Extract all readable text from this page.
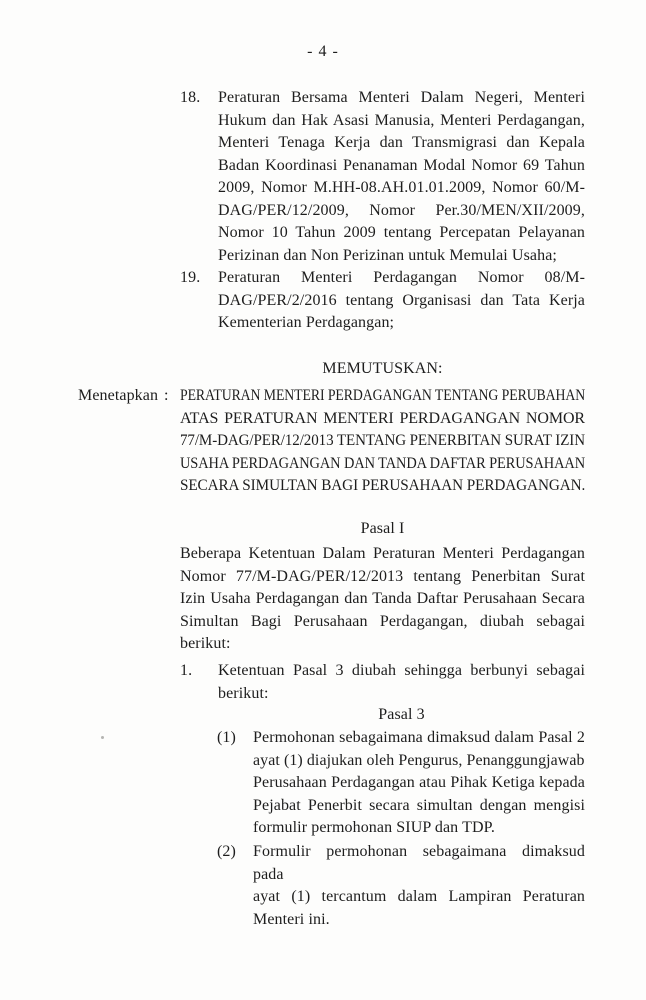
- 4 -
18. Peraturan Bersama Menteri Dalam Negeri, Menteri
Hukum dan Hak Asasi Manusia, Menteri Perdagangan,
Menteri Tenaga Kerja dan Transmigrasi dan Kepala
Badan Koordinasi Penanaman Modal Nomor 69 Tahun
2009, Nomor M.HH-08.AH.01.01.2009, Nomor 60/M-
DAG/PER/12/2009, Nomor Per.30/MEN/XII/2009,
Nomor 10 Tahun 2009 tentang Percepatan Pelayanan
Perizinan dan Non Perizinan untuk Memulai Usaha;
19. Peraturan Menteri Perdagangan Nomor 08/M-
DAG/PER/2/2016 tentang Organisasi dan Tata Kerja
Kementerian Perdagangan;
MEMUTUSKAN:
Menetapkan : PERATURAN MENTERI PERDAGANGAN TENTANG PERUBAHAN
ATAS PERATURAN MENTERI PERDAGANGAN NOMOR
77/M-DAG/PER/12/2013 TENTANG PENERBITAN SURAT IZIN
USAHA PERDAGANGAN DAN TANDA DAFTAR PERUSAHAAN
SECARA SIMULTAN BAGI PERUSAHAAN PERDAGANGAN.
Pasal I
Beberapa Ketentuan Dalam Peraturan Menteri Perdagangan
Nomor 77/M-DAG/PER/12/2013 tentang Penerbitan Surat
Izin Usaha Perdagangan dan Tanda Daftar Perusahaan Secara
Simultan Bagi Perusahaan Perdagangan, diubah sebagai
berikut:
1. Ketentuan Pasal 3 diubah sehingga berbunyi sebagai
berikut:
Pasal 3
(1) Permohonan sebagaimana dimaksud dalam Pasal 2
ayat (1) diajukan oleh Pengurus, Penanggungjawab
Perusahaan Perdagangan atau Pihak Ketiga kepada
Pejabat Penerbit secara simultan dengan mengisi
formulir permohonan SIUP dan TDP.
(2) Formulir permohonan sebagaimana dimaksud pada
ayat (1) tercantum dalam Lampiran Peraturan
Menteri ini.
